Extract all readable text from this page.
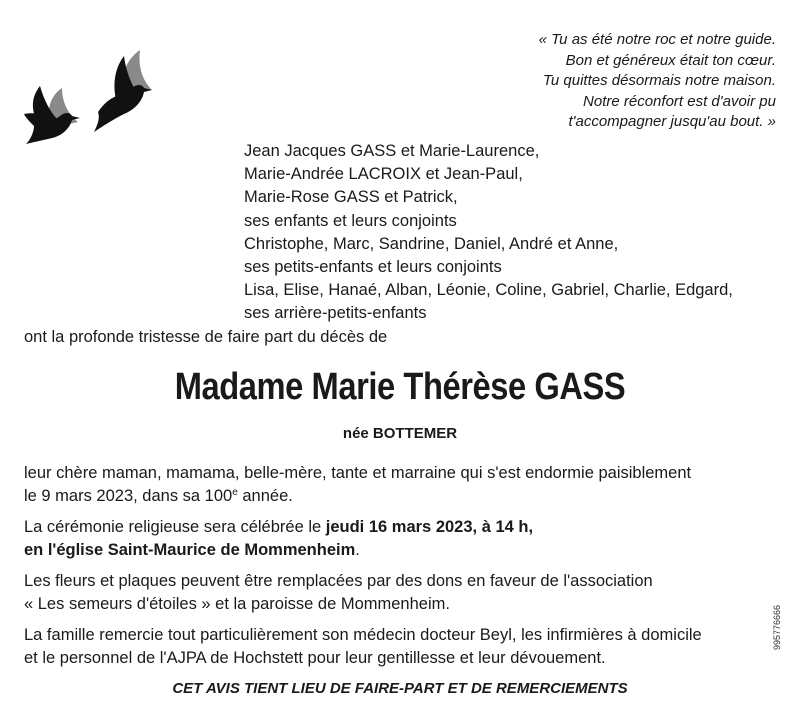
« Tu as été notre roc et notre guide.
Bon et généreux était ton cœur.
Tu quittes désormais notre maison.
Notre réconfort est d'avoir pu
t'accompagner jusqu'au bout. »
Jean Jacques GASS et Marie-Laurence,
Marie-Andrée LACROIX et Jean-Paul,
Marie-Rose GASS et Patrick,
ses enfants et leurs conjoints
Christophe, Marc, Sandrine, Daniel, André et Anne,
ses petits-enfants et leurs conjoints
Lisa, Elise, Hanaé, Alban, Léonie, Coline, Gabriel, Charlie, Edgard,
ses arrière-petits-enfants
ont la profonde tristesse de faire part du décès de
Madame Marie Thérèse GASS
née BOTTEMER
leur chère maman, mamama, belle-mère, tante et marraine qui s'est endormie paisiblement
le 9 mars 2023, dans sa 100e année.
La cérémonie religieuse sera célébrée le jeudi 16 mars 2023, à 14 h,
en l'église Saint-Maurice de Mommenheim.
Les fleurs et plaques peuvent être remplacées par des dons en faveur de l'association
« Les semeurs d'étoiles » et la paroisse de Mommenheim.
La famille remercie tout particulièrement son médecin docteur Beyl, les infirmières à domicile
et le personnel de l'AJPA de Hochstett pour leur gentillesse et leur dévouement.
CET AVIS TIENT LIEU DE FAIRE-PART ET DE REMERCIEMENTS
995776666
